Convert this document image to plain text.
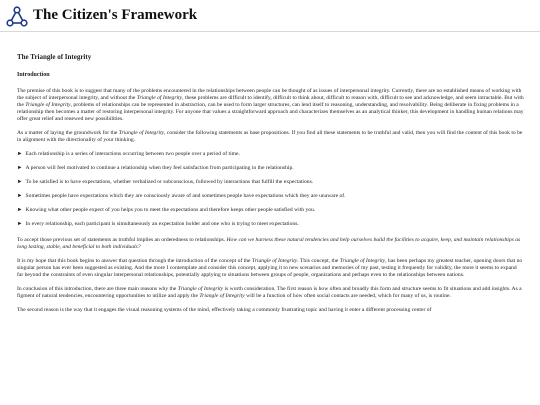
The Citizen's Framework
The Triangle of Integrity
Introduction

The premise of this book is to suggest that many of the problems encountered in the relationships between people can be thought of as issues of interpersonal integrity. Currently, there are no established means of working with the subject of interpersonal integrity, and without the Triangle of Integrity, these problems are difficult to identify, difficult to think about, difficult to reason with, difficult to see and acknowledge, and seem intractable. But with the Triangle of Integrity, problems of relationships can be represented in abstraction, can be used to form larger structures, can lend itself to reasoning, understanding, and resolvability. Being deliberate in fixing problems in a relationship then becomes a matter of restoring interpersonal integrity. For anyone that values a straightforward approach and characterizes themselves as an analytical thinker, this development in handling human relations may offer great relief and renewed new possibilities.

As a matter of laying the groundwork for the Triangle of Integrity, consider the following statements as base propositions. If you find all these statements to be truthful and valid, then you will find the content of this book to be in alignment with the directionality of your thinking.

► Each relationship is a series of interactions occurring between two people over a period of time.
► A person will feel motivated to continue a relationship when they feel satisfaction from participating in the relationship.
► To be satisfied is to have expectations, whether verbalized or subconscious, followed by interactions that fulfill the expectations.
► Sometimes people have expectations which they are consciously aware of and sometimes people have expectations which they are unaware of.
► Knowing what other people expect of you helps you to meet the expectations and therefore keeps other people satisfied with you.
► In every relationship, each participant is simultaneously an expectation holder and one who is trying to meet expectations.

To accept those previous set of statements as truthful implies an orderedness to relationships. How can we harness these natural tendencies and help ourselves build the facilities to acquire, keep, and maintain relationships as long lasting, stable, and beneficial to both individuals?

It is my hope that this book begins to answer that question through the introduction of the concept of the Triangle of Integrity. This concept, the Triangle of Integrity, has been perhaps my greatest teacher, opening doors that no singular person has ever been suggested as existing. And the more I contemplate and consider this concept, applying it to new scenarios and memories of my past, testing it frequently for validity, the more it seems to expand far beyond the constraints of even singular interpersonal relationships, potentially applying to situations between groups of people, organizations and perhaps even to the relationships between nations.

In conclusion of this introduction, there are three main reasons why the Triangle of Integrity is worth consideration. The first reason is how often and broadly this form and structure seems to fit situations and add insights. As a figment of natural tendencies, encountering opportunities to utilize and apply the Triangle of Integrity will be a function of how often social contacts are needed, which for many of us, is routine.

The second reason is the way that it engages the visual reasoning systems of the mind, effectively taking a commonly frustrating topic and having it enter a different processing center of
